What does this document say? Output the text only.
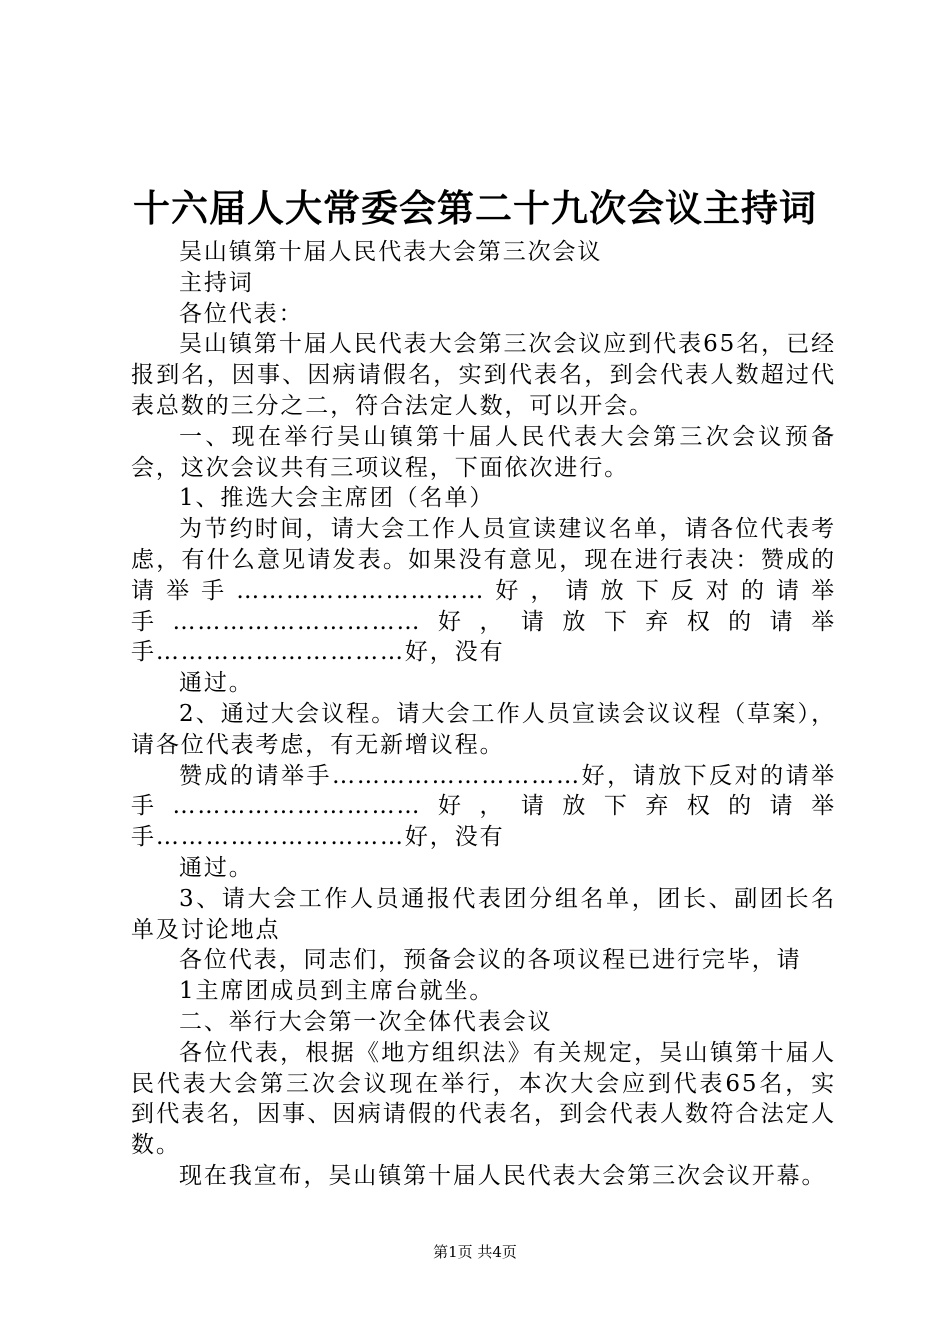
十六届人大常委会第二十九次会议主持词

吴山镇第十届人民代表大会第三次会议

主持词

各位代表：

吴山镇第十届人民代表大会第三次会议应到代表65名，已经报到名，因事、因病请假名，实到代表名，到会代表人数超过代表总数的三分之二，符合法定人数，可以开会。

一、现在举行吴山镇第十届人民代表大会第三次会议预备会，这次会议共有三项议程，下面依次进行。

1、推选大会主席团（名单）

为节约时间，请大会工作人员宣读建议名单，请各位代表考虑，有什么意见请发表。如果没有意见，现在进行表决：赞成的请举手…………………………好，请放下反对的请举手…………………………好，请放下弃权的请举手…………………………好，没有

通过。

2、通过大会议程。请大会工作人员宣读会议议程（草案），请各位代表考虑，有无新增议程。

赞成的请举手…………………………好，请放下反对的请举手…………………………好，请放下弃权的请举手…………………………好，没有

通过。

3、请大会工作人员通报代表团分组名单，团长、副团长名单及讨论地点

各位代表，同志们，预备会议的各项议程已进行完毕，请

1主席团成员到主席台就坐。

二、举行大会第一次全体代表会议

各位代表，根据《地方组织法》有关规定，吴山镇第十届人民代表大会第三次会议现在举行，本次大会应到代表65名，实到代表名，因事、因病请假的代表名，到会代表人数符合法定人数。

现在我宣布，吴山镇第十届人民代表大会第三次会议开幕。

第1页 共4页
